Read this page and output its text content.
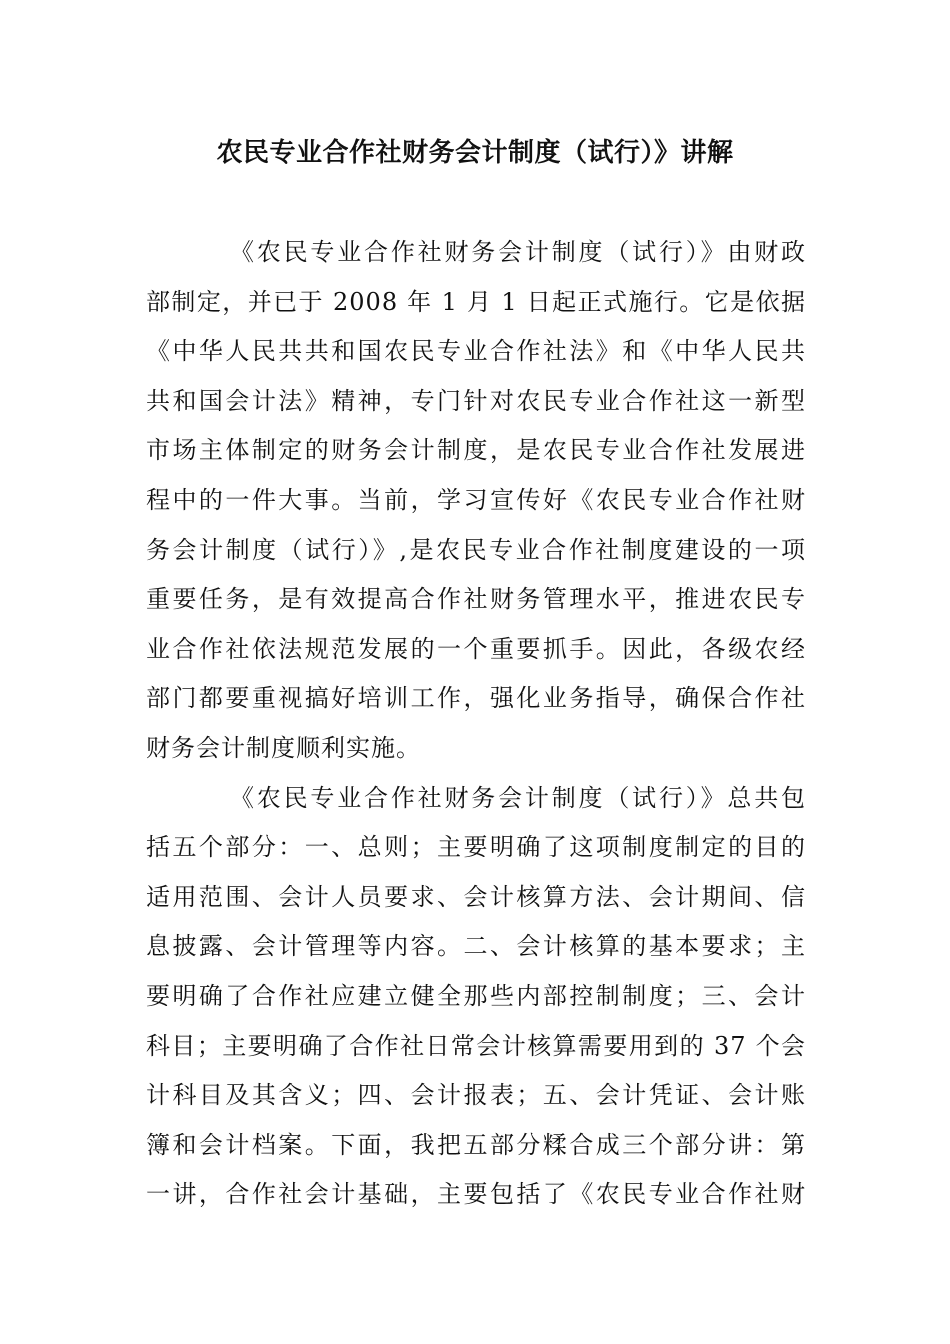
农民专业合作社财务会计制度（试行）》讲解
《农民专业合作社财务会计制度（试行）》由财政
部制定，并已于 2008 年 1 月 1 日起正式施行。它是依据
《中华人民共共和国农民专业合作社法》和《中华人民共
共和国会计法》精神，专门针对农民专业合作社这一新型
市场主体制定的财务会计制度，是农民专业合作社发展进
程中的一件大事。当前，学习宣传好《农民专业合作社财
务会计制度（试行）》,是农民专业合作社制度建设的一项
重要任务，是有效提高合作社财务管理水平，推进农民专
业合作社依法规范发展的一个重要抓手。因此，各级农经
部门都要重视搞好培训工作，强化业务指导，确保合作社
财务会计制度顺利实施。
《农民专业合作社财务会计制度（试行）》总共包
括五个部分：一、总则；主要明确了这项制度制定的目的
适用范围、会计人员要求、会计核算方法、会计期间、信
息披露、会计管理等内容。二、会计核算的基本要求；主
要明确了合作社应建立健全那些内部控制制度；三、会计
科目；主要明确了合作社日常会计核算需要用到的 37 个会
计科目及其含义；四、会计报表；五、会计凭证、会计账
簿和会计档案。下面，我把五部分糅合成三个部分讲：第
一讲，合作社会计基础，主要包括了《农民专业合作社财
